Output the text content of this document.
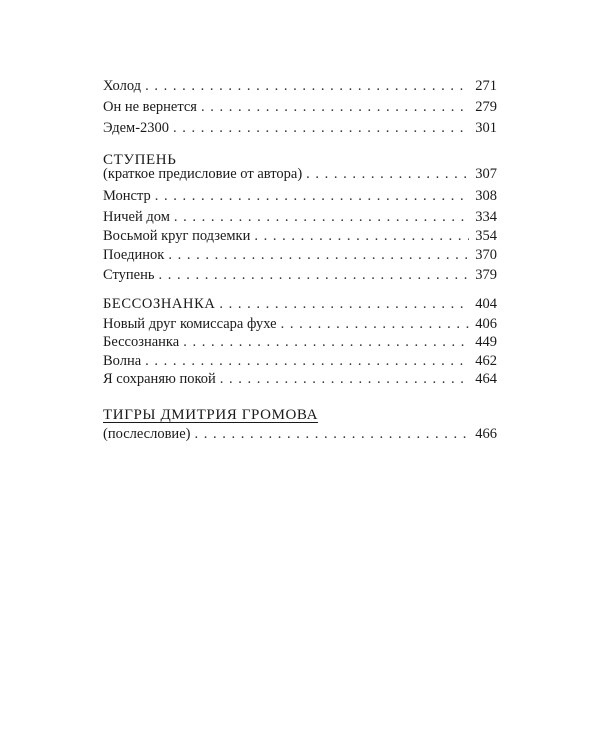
Холод . . .	271
Он не вернется . . .	279
Эдем-2300 . . .	301
СТУПЕНЬ
(краткое предисловие от автора) . . .	307
Монстр . . .	308
Ничей дом . . .	334
Восьмой круг подземки . . .	354
Поединок . . .	370
Ступень . . .	379
БЕССОЗНАНКА . . .	404
Новый друг комиссара фухе . . .	406
Бессознанка . . .	449
Волна . . .	462
Я сохраняю покой . . .	464
ТИГРЫ ДМИТРИЯ ГРОМОВА
(послесловие) . . .	466
